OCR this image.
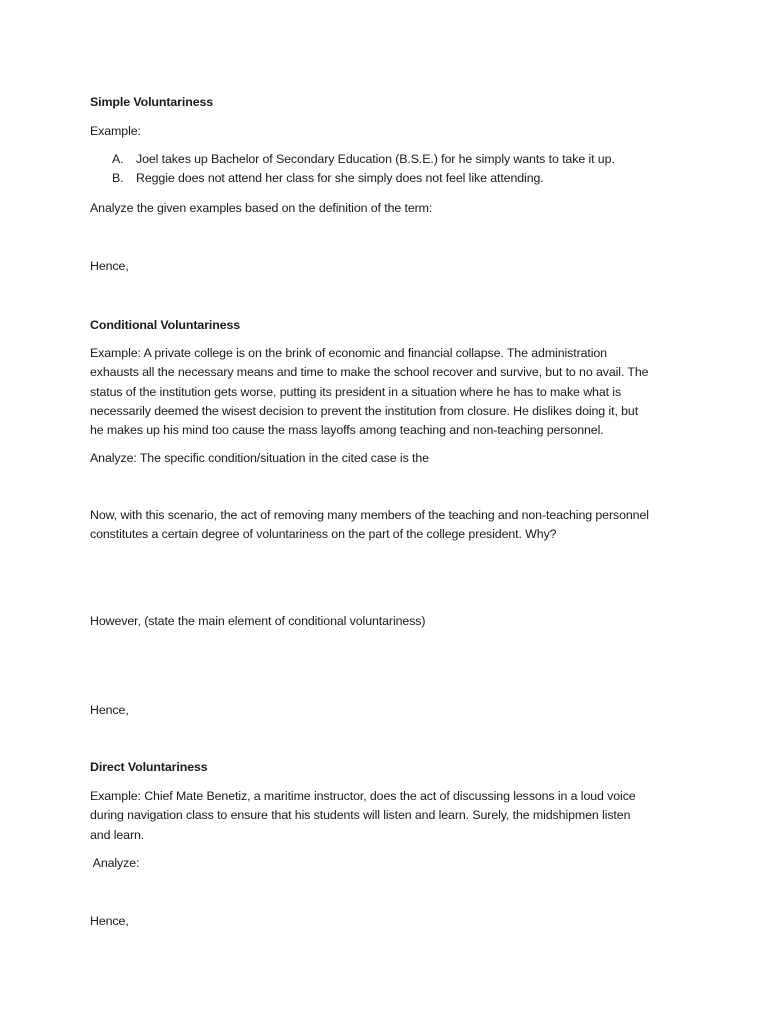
Simple Voluntariness
Example:
A.	Joel takes up Bachelor of Secondary Education (B.S.E.) for he simply wants to take it up.
B.	Reggie does not attend her class for she simply does not feel like attending.
Analyze the given examples based on the definition of the term:
Hence,
Conditional Voluntariness
Example: A private college is on the brink of economic and financial collapse. The administration
exhausts all the necessary means and time to make the school recover and survive, but to no avail. The
status of the institution gets worse, putting its president in a situation where he has to make what is
necessarily deemed the wisest decision to prevent the institution from closure. He dislikes doing it, but
he makes up his mind too cause the mass layoffs among teaching and non-teaching personnel.
Analyze: The specific condition/situation in the cited case is the
Now, with this scenario, the act of removing many members of the teaching and non-teaching personnel
constitutes a certain degree of voluntariness on the part of the college president. Why?
However, (state the main element of conditional voluntariness)
Hence,
Direct Voluntariness
Example: Chief Mate Benetiz, a maritime instructor, does the act of discussing lessons in a loud voice
during navigation class to ensure that his students will listen and learn. Surely, the midshipmen listen
and learn.
Analyze:
Hence,
